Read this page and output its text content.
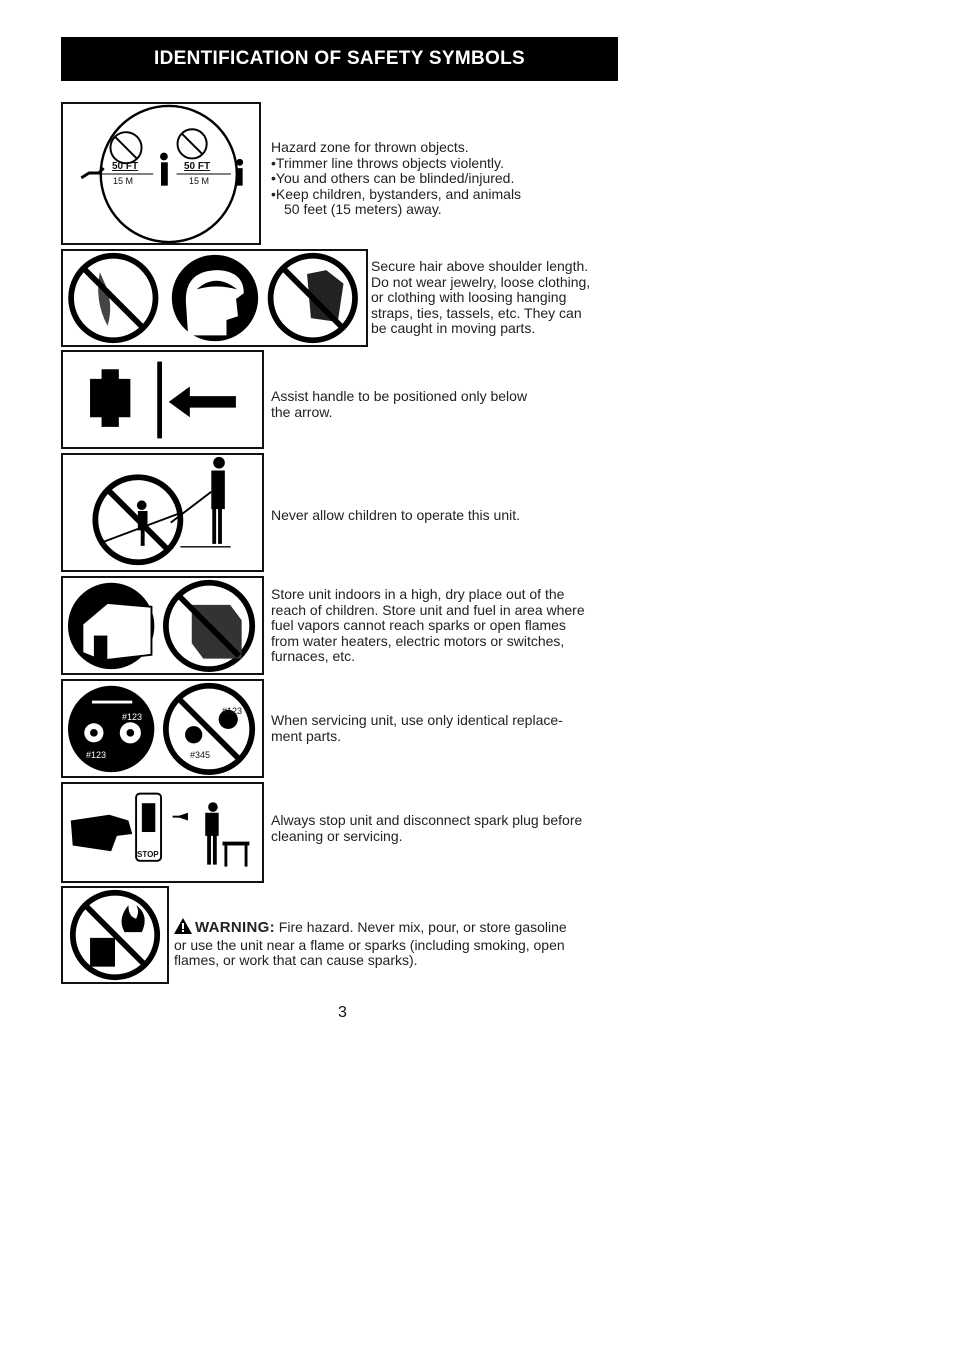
IDENTIFICATION OF SAFETY SYMBOLS
50 FT
15 M
50 FT
15 M

Hazard zone for thrown objects.

• Trimmer line throws objects violently.
• You and others can be blinded/injured.
• Keep children, bystanders, and animals

50 feet (15 meters) away.

Secure hair above shoulder length.

Do not wear jewelry, loose clothing,

or clothing with loosing hanging

straps, ties, tassels, etc. They can

be caught in moving parts.

Assist handle to be positioned only below

the arrow.

Never allow children to operate this unit.

Store unit indoors in a high, dry place out of the

reach of children. Store unit and fuel in area where

fuel vapors cannot reach sparks or open flames

from water heaters, electric motors or switches,

furnaces, etc.

#123
#123
#123
#345

When servicing unit, use only identical replace-

ment parts.

STOP

Always stop unit and disconnect spark plug before

cleaning or servicing.

WARNING: Fire hazard. Never mix, pour, or store gasoline

or use the unit near a flame or sparks (including smoking, open

flames, or work that can cause sparks).

3
